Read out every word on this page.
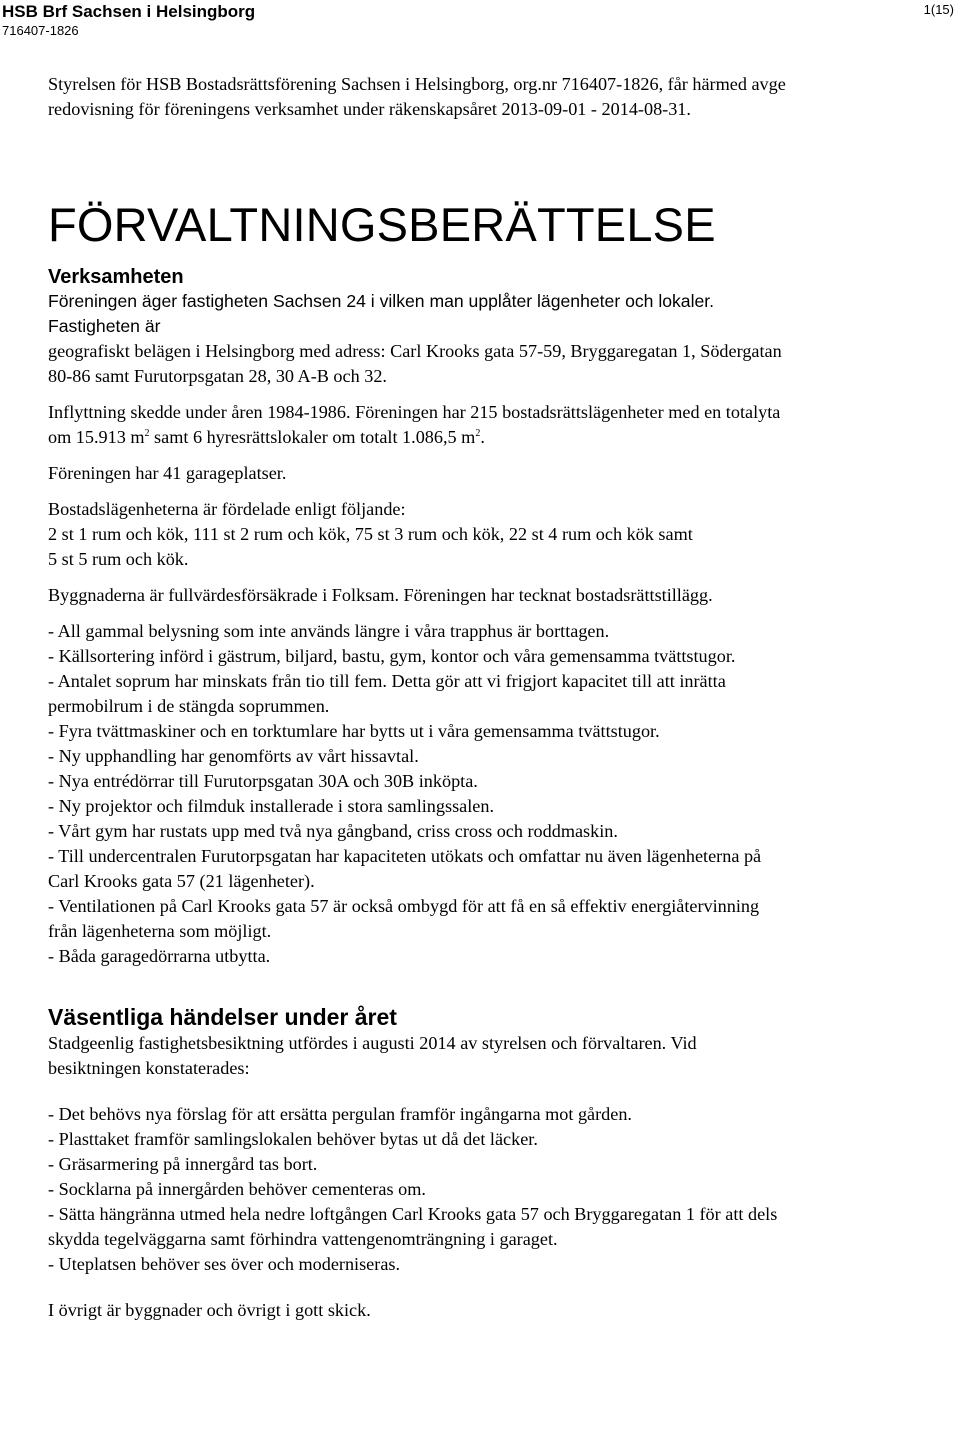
HSB Brf Sachsen i Helsingborg
716407-1826
1(15)

Styrelsen för HSB Bostadsrättsförening Sachsen i Helsingborg, org.nr 716407-1826, får härmed avge

redovisning för föreningens verksamhet under räkenskapsåret 2013-09-01 - 2014-08-31.

FÖRVALTNINGSBERÄTTELSE

Verksamheten

Föreningen äger fastigheten Sachsen 24 i vilken man upplåter lägenheter och lokaler.

Fastigheten är

geografiskt belägen i Helsingborg med adress: Carl Krooks gata 57-59, Bryggaregatan 1, Södergatan

80-86 samt Furutorpsgatan 28, 30 A-B och 32.

Inflyttning skedde under åren 1984-1986. Föreningen har 215 bostadsrättslägenheter med en totalyta

om 15.913 $m^2$ samt 6 hyresrättslokaler om totalt 1.086,5 $m^2$.

Föreningen har 41 garageplatser.

Bostadslägenheterna är fördelade enligt följande:

2 st 1 rum och kök, 111 st 2 rum och kök, 75 st 3 rum och kök, 22 st 4 rum och kök samt

5 st 5 rum och kök.

Byggnaderna är fullvärdesförsäkrade i Folksam. Föreningen har tecknat bostadsrättstillägg.

- All gammal belysning som inte används längre i våra trapphus är borttagen.
- Källsortering införd i gästrum, biljard, bastu, gym, kontor och våra gemensamma tvättstugor.
- Antalet soprum har minskats från tio till fem. Detta gör att vi frigjort kapacitet till att inrätta
permobilrum i de stängda soprummen.
- Fyra tvättmaskiner och en torktumlare har bytts ut i våra gemensamma tvättstugor.
- Ny upphandling har genomförts av vårt hissavtal.
- Nya entrédörrar till Furutorpsgatan 30A och 30B inköpta.
- Ny projektor och filmduk installerade i stora samlingssalen.
- Vårt gym har rustats upp med två nya gångband, criss cross och roddmaskin.
- Till undercentralen Furutorpsgatan har kapaciteten utökats och omfattar nu även lägenheterna på
Carl Krooks gata 57 (21 lägenheter).
- Ventilationen på Carl Krooks gata 57 är också ombygd för att få en så effektiv energiåtervinning
från lägenheterna som möjligt.
- Båda garagedörrarna utbytta.

Väsentliga händelser under året

Stadgeenlig fastighetsbesiktning utfördes i augusti 2014 av styrelsen och förvaltaren. Vid

besiktningen konstaterades:

- Det behövs nya förslag för att ersätta pergulan framför ingångarna mot gården.
- Plasttaket framför samlingslokalen behöver bytas ut då det läcker.
- Gräsarmering på innergård tas bort.
- Socklarna på innergården behöver cementeras om.
- Sätta hängränna utmed hela nedre loftgången Carl Krooks gata 57 och Bryggaregatan 1 för att dels
skydda tegelväggarna samt förhindra vattengenomträngning i garaget.
- Uteplatsen behöver ses över och moderniseras.

I övrigt är byggnader och övrigt i gott skick.
